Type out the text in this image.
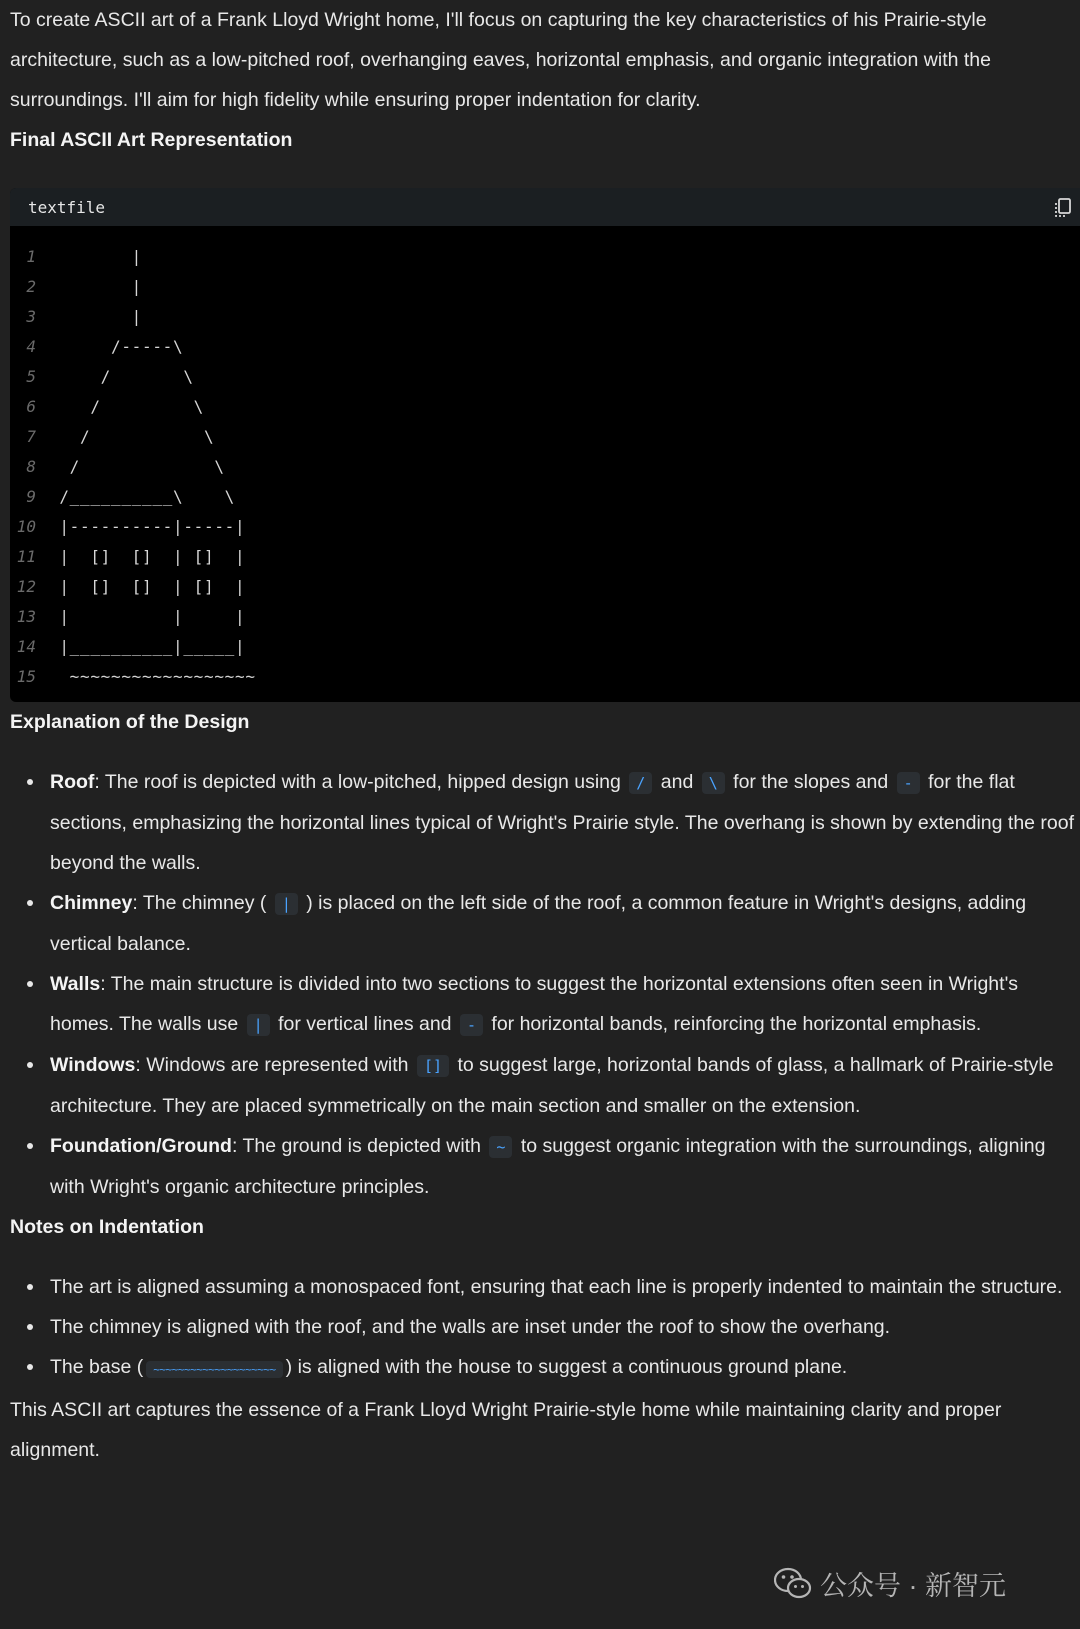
To create ASCII art of a Frank Lloyd Wright home, I'll focus on capturing the key characteristics of his Prairie-style architecture, such as a low-pitched roof, overhanging eaves, horizontal emphasis, and organic integration with the surroundings. I'll aim for high fidelity while ensuring proper indentation for clarity.

Final ASCII Art Representation
textfile
1 |
2 |
3 |
4 /-----\
5 /       \
6 /         \
7 /           \
8 /             \
9 /__________\    \
10 |----------|-----|
11 |  []  []  | []  |
12 |  []  []  | []  |
13 |          |     |
14 |__________|_____|
15 ~~~~~~~~~~~~~~~~~~
Explanation of the Design
Roof: The roof is depicted with a low-pitched, hipped design using / and \ for the slopes and - for the flat sections, emphasizing the horizontal lines typical of Wright's Prairie style. The overhang is shown by extending the roof beyond the walls.
Chimney: The chimney ( | ) is placed on the left side of the roof, a common feature in Wright's designs, adding vertical balance.
Walls: The main structure is divided into two sections to suggest the horizontal extensions often seen in Wright's homes. The walls use | for vertical lines and - for horizontal bands, reinforcing the horizontal emphasis.
Windows: Windows are represented with [] to suggest large, horizontal bands of glass, a hallmark of Prairie-style architecture. They are placed symmetrically on the main section and smaller on the extension.
Foundation/Ground: The ground is depicted with ~ to suggest organic integration with the surroundings, aligning with Wright's organic architecture principles.
Notes on Indentation
The art is aligned assuming a monospaced font, ensuring that each line is properly indented to maintain the structure.
The chimney is aligned with the roof, and the walls are inset under the roof to show the overhang.
The base ( ~~~~~~~~~~~~~~~~~~~~ ) is aligned with the house to suggest a continuous ground plane.

This ASCII art captures the essence of a Frank Lloyd Wright Prairie-style home while maintaining clarity and proper alignment.

公众号 · 新智元
